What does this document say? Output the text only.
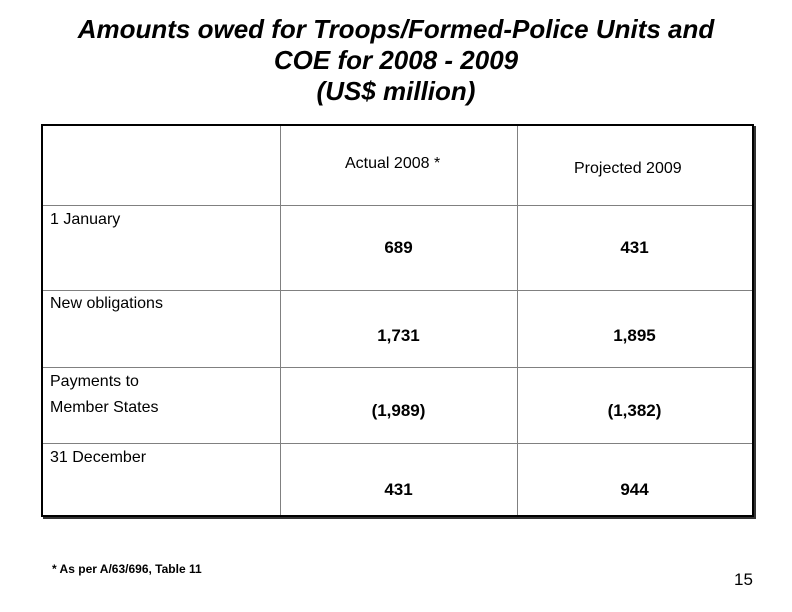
Amounts owed for Troops/Formed-Police Units and
COE for 2008 - 2009
(US$ million)
Actual 2008 *	Projected 2009
1 January
New obligations
Payments to
Member States
31 December
689
1,731
(1,989)
431
431
1,895
(1,382)
944
* As per A/63/696, Table 11
15
